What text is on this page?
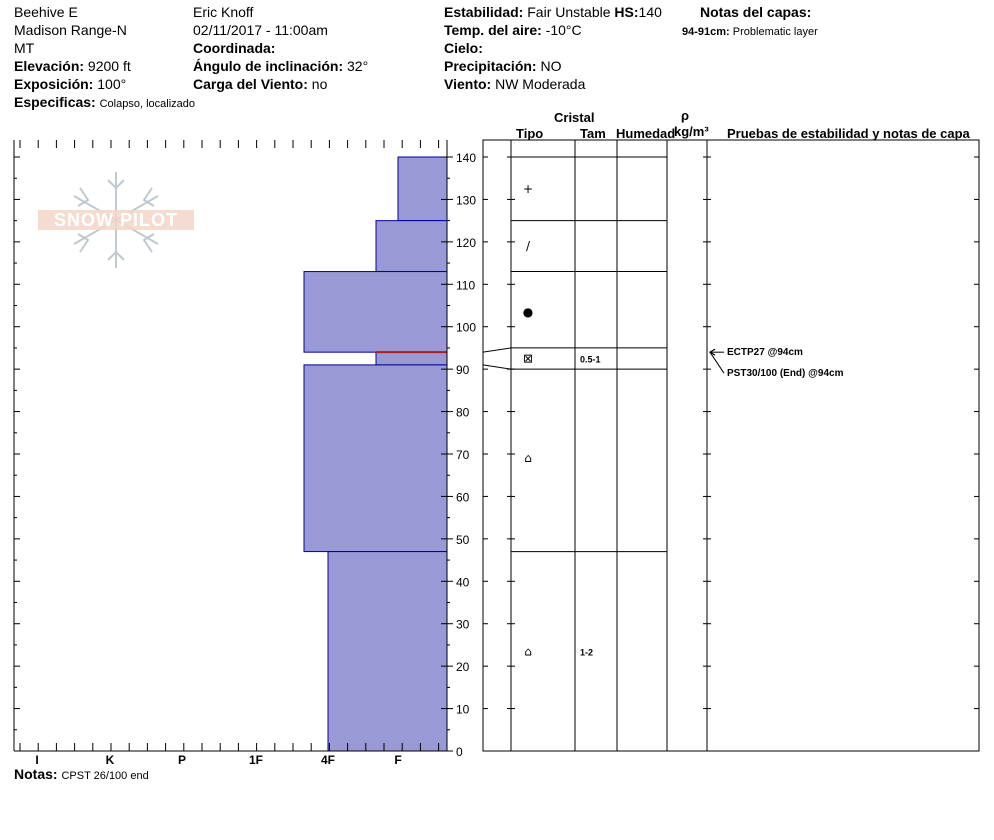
Beehive E
Madison Range-N
MT
Elevación: 9200 ft
Exposición: 100°
Especificas: Colapso, localizado
Eric Knoff
02/11/2017 - 11:00am
Coordinada:
Ángulo de inclinación: 32°
Carga del Viento: no
Estabilidad: Fair Unstable HS:140
Temp. del aire: -10°C
Cielo:
Precipitación: NO
Viento: NW Moderada
Notas del capas:
94-91cm: Problematic layer
Cristal
Tipo	Tam Humedad
ρ
kg/m³ Pruebas de estabilidad y notas de capa
Notas: CPST 26/100 end
SNOW PILOT
+
/
●
⊠	0.5-1
⌂
⌂	1-2
0
10
20
30
40
50
60
70
80
90
100
110
120
130
140
I	K	P	1F	4F	F
ECTP27 @94cm
PST30/100 (End) @94cm
